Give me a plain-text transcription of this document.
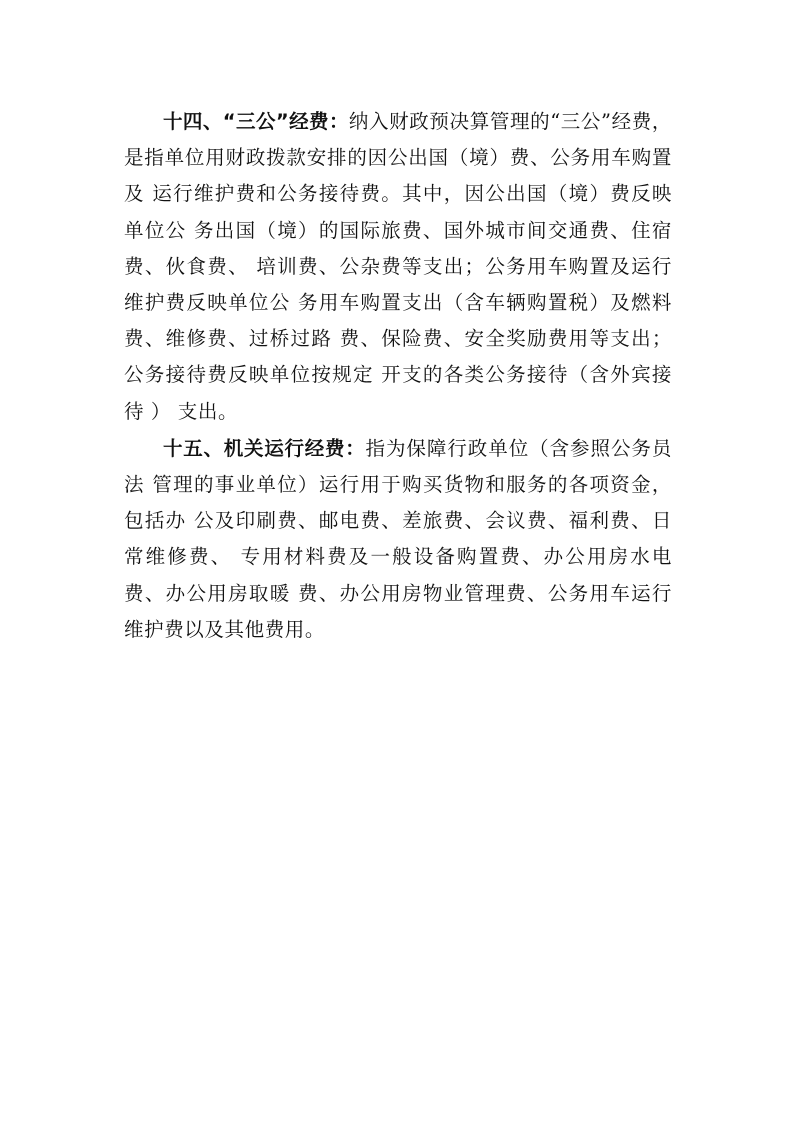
十四、“三公”经费：纳入财政预决算管理的“三公”经费， 是指单位用财政拨款安排的因公出国（境）费、公务用车购置及 运行维护费和公务接待费。其中，因公出国（境）费反映单位公 务出国（境）的国际旅费、国外城市间交通费、住宿费、伙食费、 培训费、公杂费等支出；公务用车购置及运行维护费反映单位公 务用车购置支出（含车辆购置税）及燃料费、维修费、过桥过路 费、保险费、安全奖励费用等支出；公务接待费反映单位按规定 开支的各类公务接待（含外宾接待 ） 支出。

十五、机关运行经费：指为保障行政单位（含参照公务员法 管理的事业单位）运行用于购买货物和服务的各项资金，包括办 公及印刷费、邮电费、差旅费、会议费、福利费、日常维修费、 专用材料费及一般设备购置费、办公用房水电费、办公用房取暖 费、办公用房物业管理费、公务用车运行维护费以及其他费用。
